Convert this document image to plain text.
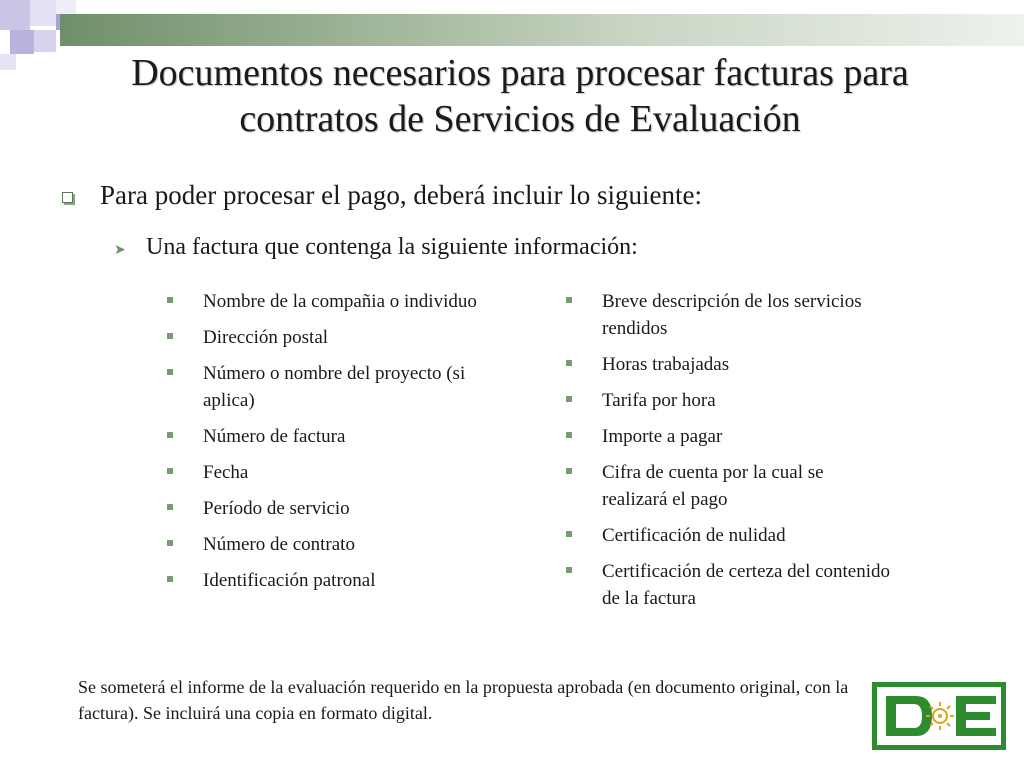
Documentos necesarios para procesar facturas para contratos de Servicios de Evaluación
Para poder procesar el pago, deberá incluir lo siguiente:
➤ Una factura que contenga la siguiente información:
Nombre de la compañia o individuo
Dirección postal
Número o nombre del proyecto (si aplica)
Número de factura
Fecha
Período de servicio
Número de contrato
Identificación patronal
Breve descripción de los servicios rendidos
Horas trabajadas
Tarifa por hora
Importe a pagar
Cifra de cuenta por la cual se realizará el pago
Certificación de nulidad
Certificación de certeza del contenido de la factura
Se someterá el informe de la evaluación requerido en la propuesta aprobada (en documento original, con la factura). Se incluirá una copia en formato digital.
